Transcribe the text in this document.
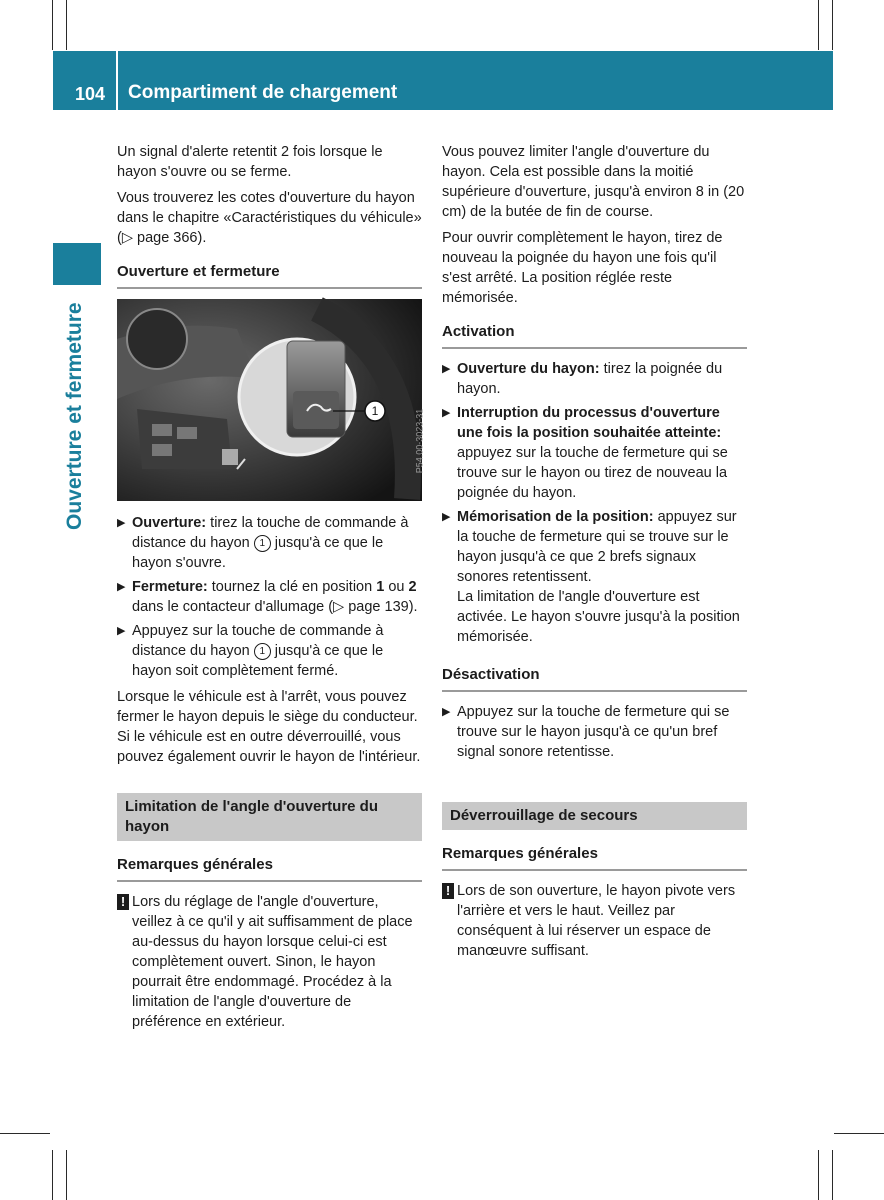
104 Compartiment de chargement
Ouverture et fermeture

Un signal d'alerte retentit 2 fois lorsque le hayon s'ouvre ou se ferme.

Vous trouverez les cotes d'ouverture du hayon dans le chapitre «Caractéristiques du véhicule» (▷ page 366).

Ouverture et fermeture
1	P54.00-3023-31
▶ Ouverture: tirez la touche de commande à distance du hayon 1 jusqu'à ce que le hayon s'ouvre.
▶ Fermeture: tournez la clé en position 1 ou 2 dans le contacteur d'allumage (▷ page 139).
▶ Appuyez sur la touche de commande à distance du hayon 1 jusqu'à ce que le hayon soit complètement fermé.

Lorsque le véhicule est à l'arrêt, vous pouvez fermer le hayon depuis le siège du conducteur. Si le véhicule est en outre déverrouillé, vous pouvez également ouvrir le hayon de l'intérieur.

Limitation de l'angle d'ouverture du hayon
Remarques générales
! Lors du réglage de l'angle d'ouverture, veillez à ce qu'il y ait suffisamment de place au-dessus du hayon lorsque celui-ci est complètement ouvert. Sinon, le hayon pourrait être endommagé. Procédez à la limitation de l'angle d'ouverture de préférence en extérieur.

Vous pouvez limiter l'angle d'ouverture du hayon. Cela est possible dans la moitié supérieure d'ouverture, jusqu'à environ 8 in (20 cm) de la butée de fin de course.

Pour ouvrir complètement le hayon, tirez de nouveau la poignée du hayon une fois qu'il s'est arrêté. La position réglée reste mémorisée.

Activation
▶ Ouverture du hayon: tirez la poignée du hayon.
▶ Interruption du processus d'ouverture une fois la position souhaitée atteinte: appuyez sur la touche de fermeture qui se trouve sur le hayon ou tirez de nouveau la poignée du hayon.
▶ Mémorisation de la position: appuyez sur la touche de fermeture qui se trouve sur le hayon jusqu'à ce que 2 brefs signaux sonores retentissent.
La limitation de l'angle d'ouverture est activée. Le hayon s'ouvre jusqu'à la position mémorisée.
Désactivation
▶ Appuyez sur la touche de fermeture qui se trouve sur le hayon jusqu'à ce qu'un bref signal sonore retentisse.
Déverrouillage de secours
Remarques générales
! Lors de son ouverture, le hayon pivote vers l'arrière et vers le haut. Veillez par conséquent à lui réserver un espace de manœuvre suffisant.
